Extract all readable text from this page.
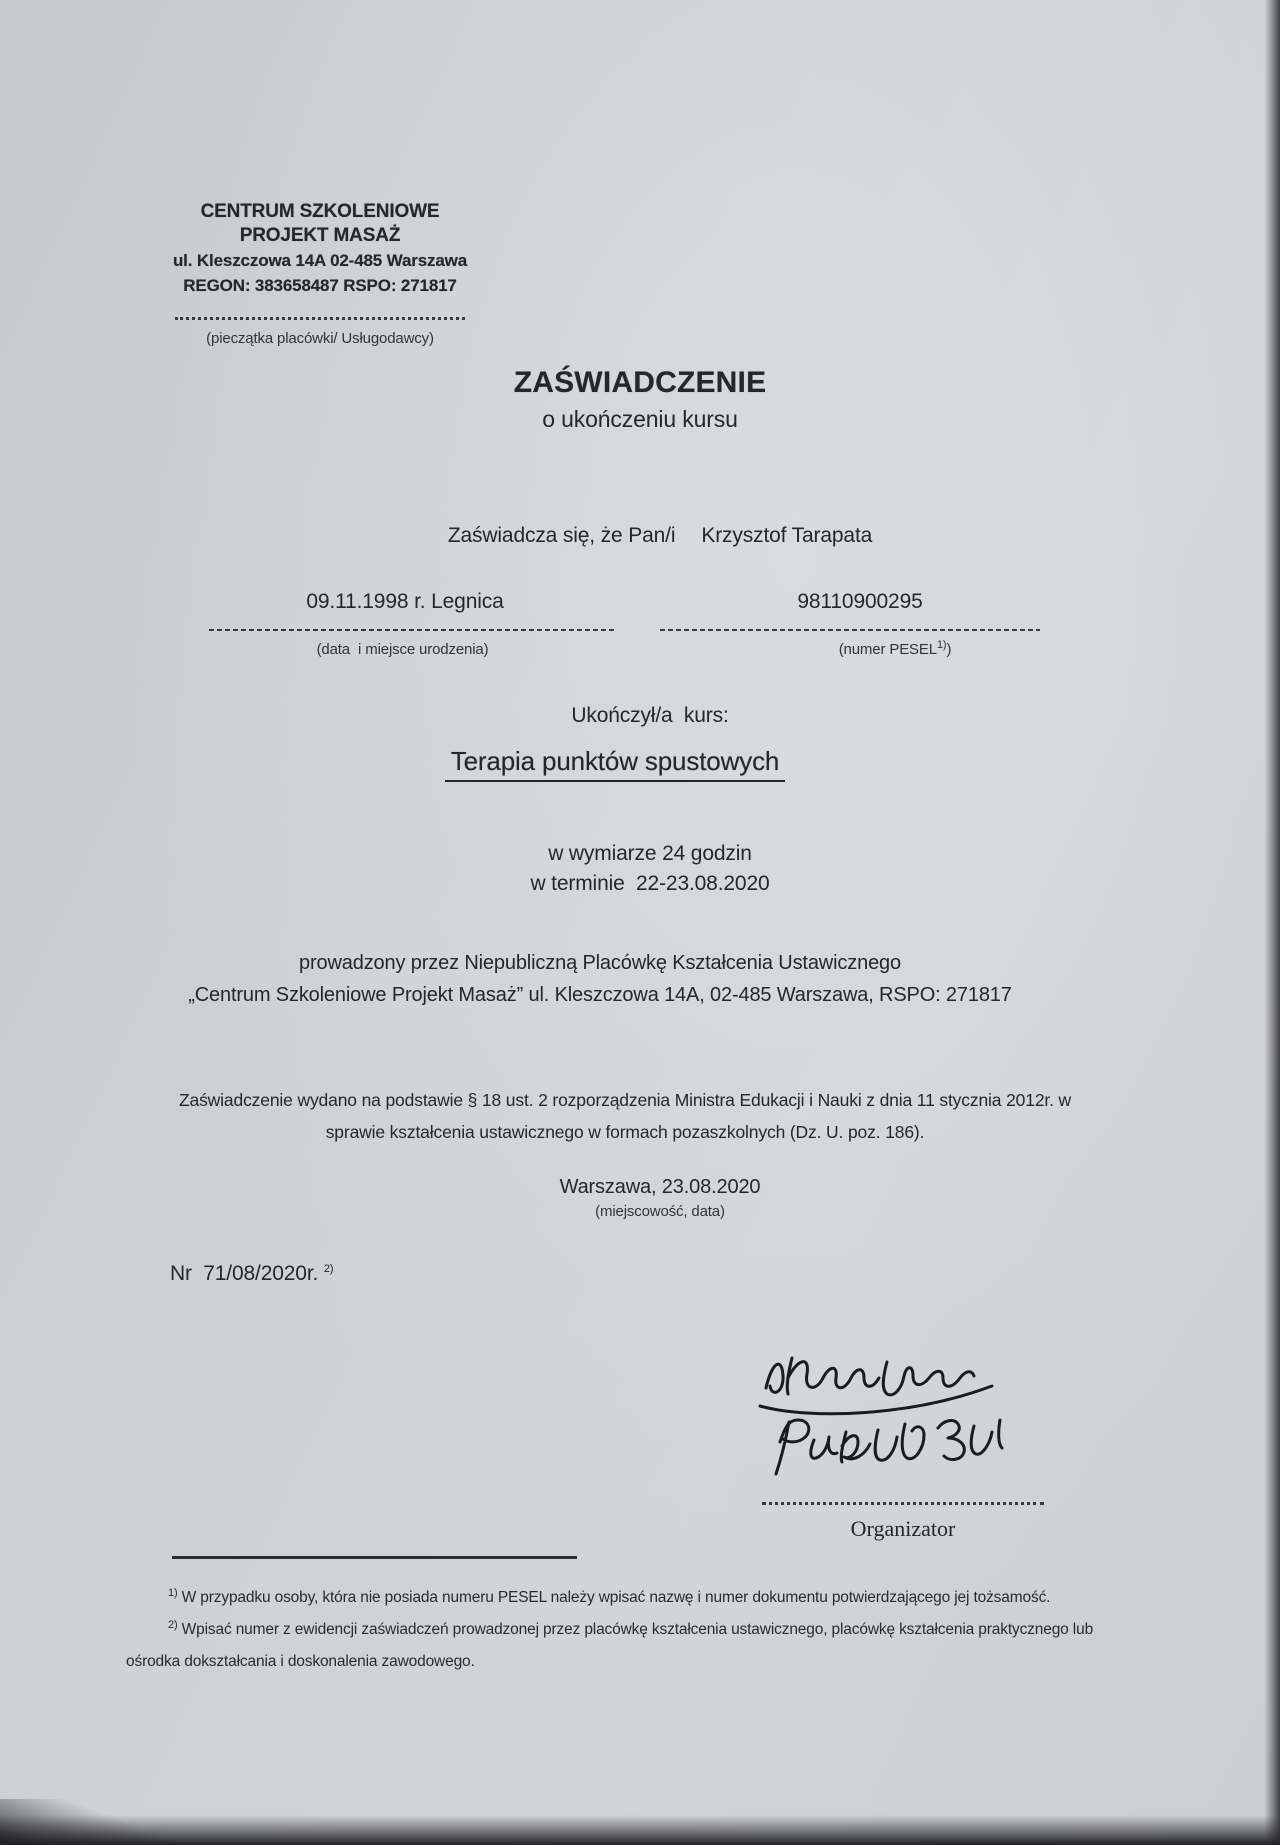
CENTRUM SZKOLENIOWE
PROJEKT MASAŻ
ul. Kleszczowa 14A 02-485 Warszawa
REGON: 383658487 RSPO: 271817
(pieczątka placówki/ Usługodawcy)
ZAŚWIADCZENIE
o ukończeniu kursu
Zaświadcza się, że Pan/i Krzysztof Tarapata
09.11.1998 r. Legnica
(data  i miejsce urodzenia)
98110900295
(numer PESEL$^{1)}$)
Ukończył/a  kurs:
Terapia punktów spustowych
w wymiarze 24 godzin
w terminie  22-23.08.2020
prowadzony przez Niepubliczną Placówkę Kształcenia Ustawicznego
„Centrum Szkoleniowe Projekt Masaż” ul. Kleszczowa 14A, 02-485 Warszawa, RSPO: 271817
Zaświadczenie wydano na podstawie § 18 ust. 2 rozporządzenia Ministra Edukacji i Nauki z dnia 11 stycznia 2012r. w sprawie kształcenia ustawicznego w formach pozaszkolnych (Dz. U. poz. 186).
Warszawa, 23.08.2020
(miejscowość, data)
Nr  71/08/2020r. $^{2)}$
Organizator

$^{1)}$ W przypadku osoby, która nie posiada numeru PESEL należy wpisać nazwę i numer dokumentu potwierdzającego jej tożsamość.

$^{2)}$ Wpisać numer z ewidencji zaświadczeń prowadzonej przez placówkę kształcenia ustawicznego, placówkę kształcenia praktycznego lub ośrodka dokształcania i doskonalenia zawodowego.
